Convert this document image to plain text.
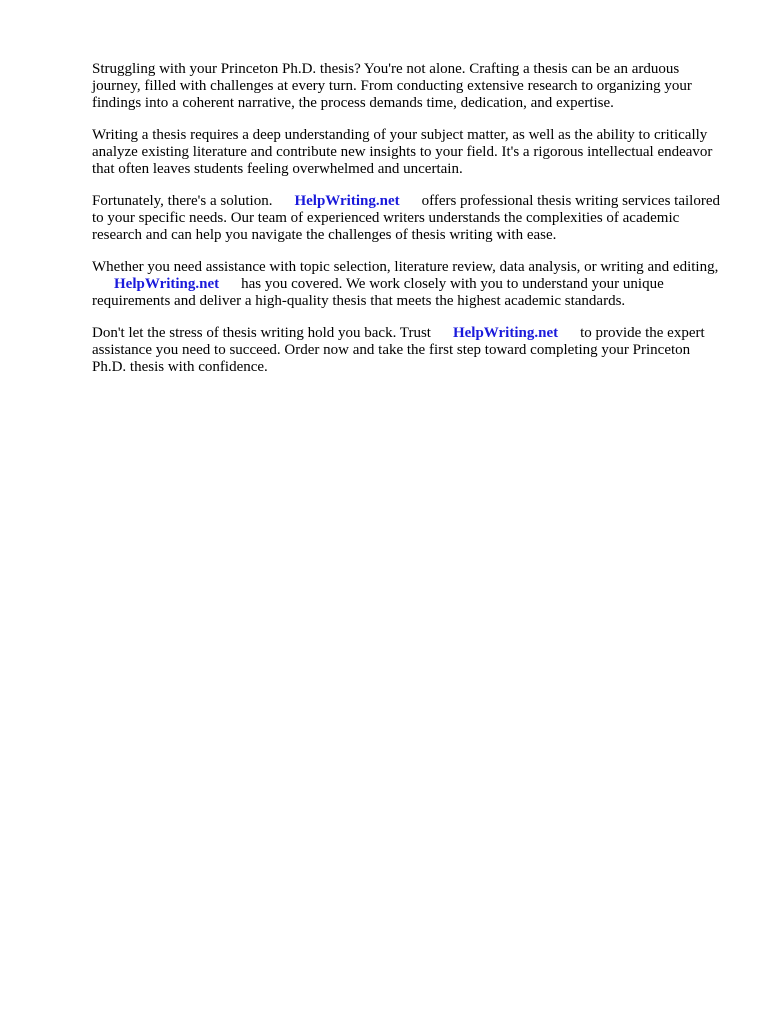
Struggling with your Princeton Ph.D. thesis? You're not alone. Crafting a thesis can be an arduous journey, filled with challenges at every turn. From conducting extensive research to organizing your findings into a coherent narrative, the process demands time, dedication, and expertise.

Writing a thesis requires a deep understanding of your subject matter, as well as the ability to critically analyze existing literature and contribute new insights to your field. It's a rigorous intellectual endeavor that often leaves students feeling overwhelmed and uncertain.

Fortunately, there's a solution. HelpWriting.net offers professional thesis writing services tailored to your specific needs. Our team of experienced writers understands the complexities of academic research and can help you navigate the challenges of thesis writing with ease.

Whether you need assistance with topic selection, literature review, data analysis, or writing and editing,HelpWriting.net has you covered. We work closely with you to understand your unique requirements and deliver a high-quality thesis that meets the highest academic standards.

Don't let the stress of thesis writing hold you back. Trust HelpWriting.net to provide the expert assistance you need to succeed. Order now and take the first step toward completing your Princeton Ph.D. thesis with confidence.
